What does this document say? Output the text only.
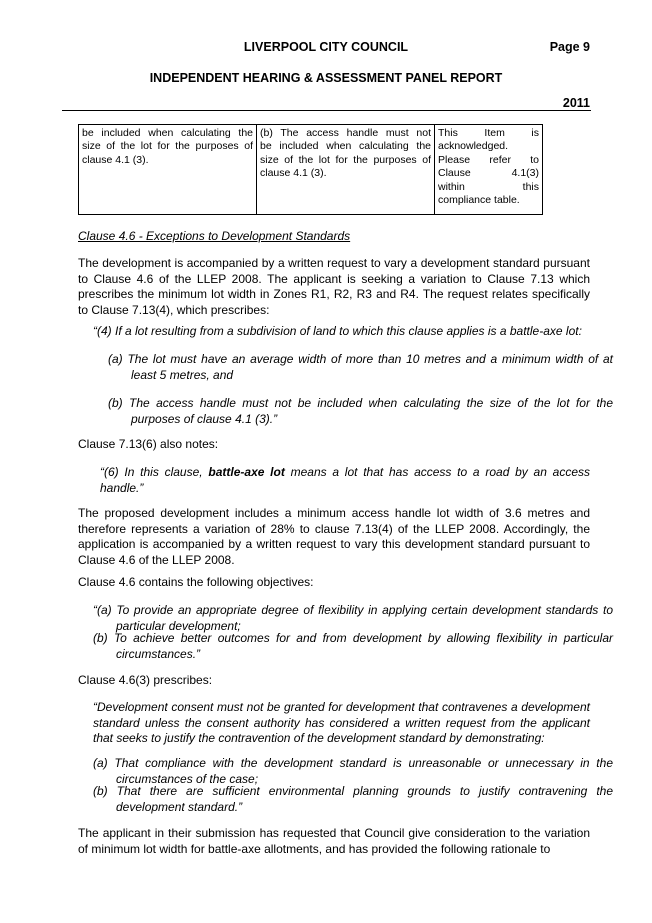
LIVERPOOL CITY COUNCIL	Page 9
INDEPENDENT HEARING & ASSESSMENT PANEL REPORT
2011
be included when calculating the
size of the lot for the purposes of
clause 4.1 (3).

(b) The access handle must not
be included when calculating the
size of the lot for the purposes of
clause 4.1 (3).

This Item is
acknowledged.
Please refer to
Clause 4.1(3)
within this
compliance table.
Clause 4.6 - Exceptions to Development Standards
The development is accompanied by a written request to vary a development standard pursuant to Clause 4.6 of the LLEP 2008. The applicant is seeking a variation to Clause 7.13 which prescribes the minimum lot width in Zones R1, R2, R3 and R4. The request relates specifically to Clause 7.13(4), which prescribes:
“(4) If a lot resulting from a subdivision of land to which this clause applies is a battle-axe lot:
(a) The lot must have an average width of more than 10 metres and a minimum width of at least 5 metres, and
(b) The access handle must not be included when calculating the size of the lot for the purposes of clause 4.1 (3).”
Clause 7.13(6) also notes:
“(6) In this clause, battle-axe lot means a lot that has access to a road by an access handle.”
The proposed development includes a minimum access handle lot width of 3.6 metres and therefore represents a variation of 28% to clause 7.13(4) of the LLEP 2008. Accordingly, the application is accompanied by a written request to vary this development standard pursuant to Clause 4.6 of the LLEP 2008.
Clause 4.6 contains the following objectives:
“(a) To provide an appropriate degree of flexibility in applying certain development standards to particular development;
(b) To achieve better outcomes for and from development by allowing flexibility in particular circumstances.”
Clause 4.6(3) prescribes:
“Development consent must not be granted for development that contravenes a development standard unless the consent authority has considered a written request from the applicant that seeks to justify the contravention of the development standard by demonstrating:
(a) That compliance with the development standard is unreasonable or unnecessary in the circumstances of the case;
(b) That there are sufficient environmental planning grounds to justify contravening the development standard.”
The applicant in their submission has requested that Council give consideration to the variation of minimum lot width for battle-axe allotments, and has provided the following rationale to
